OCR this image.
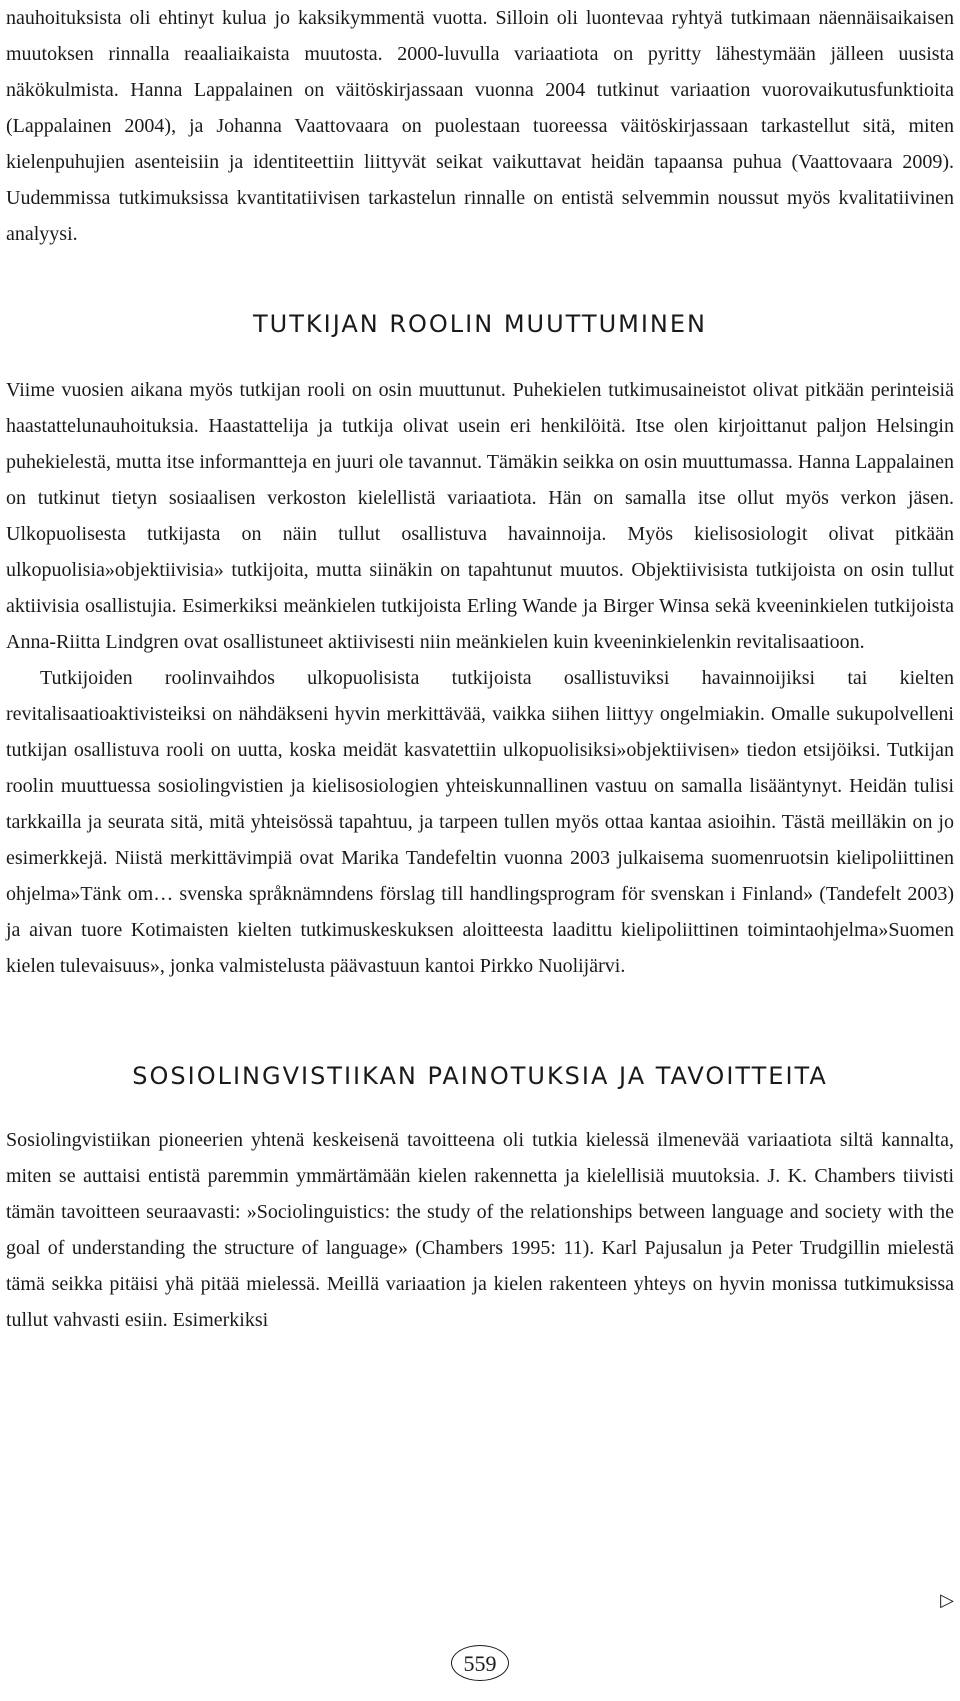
nauhoituksista oli ehtinyt kulua jo kaksikymmentä vuotta. Silloin oli luontevaa ryhtyä tutkimaan näennäisaikaisen muutoksen rinnalla reaaliaikaista muutosta. 2000-luvulla variaatiota on pyritty lähestymään jälleen uusista näkökulmista. Hanna Lappalainen on väitöskirjassaan vuonna 2004 tutkinut variaation vuorovaikutusfunktioita (Lappalainen 2004), ja Johanna Vaattovaara on puolestaan tuoreessa väitöskirjassaan tarkastellut sitä, miten kielenpuhujien asenteisiin ja identiteettiin liittyvät seikat vaikuttavat heidän tapaansa puhua (Vaattovaara 2009). Uudemmissa tutkimuksissa kvantitatiivisen tarkastelun rinnalle on entistä selvemmin noussut myös kvalitatiivinen analyysi.

TUTKIJAN ROOLIN MUUTTUMINEN

Viime vuosien aikana myös tutkijan rooli on osin muuttunut. Puhekielen tutkimusaineistot olivat pitkään perinteisiä haastattelunauhoituksia. Haastattelija ja tutkija olivat usein eri henkilöitä. Itse olen kirjoittanut paljon Helsingin puhekielestä, mutta itse informantteja en juuri ole tavannut. Tämäkin seikka on osin muuttumassa. Hanna Lappalainen on tutkinut tietyn sosiaalisen verkoston kielellistä variaatiota. Hän on samalla itse ollut myös verkon jäsen. Ulkopuolisesta tutkijasta on näin tullut osallistuva havainnoija. Myös kielisosiologit olivat pitkään ulkopuolisia»objektiivisia» tutkijoita, mutta siinäkin on tapahtunut muutos. Objektiivisista tutkijoista on osin tullut aktiivisia osallistujia. Esimerkiksi meänkielen tutkijoista Erling Wande ja Birger Winsa sekä kveeninkielen tutkijoista Anna-Riitta Lindgren ovat osallistuneet aktiivisesti niin meänkielen kuin kveeninkielenkin revitalisaatioon.

Tutkijoiden roolinvaihdos ulkopuolisista tutkijoista osallistuviksi havainnoijiksi tai kielten revitalisaatioaktivisteiksi on nähdäkseni hyvin merkittävää, vaikka siihen liittyy ongelmiakin. Omalle sukupolvelleni tutkijan osallistuva rooli on uutta, koska meidät kasvatettiin ulkopuolisiksi»objektiivisen» tiedon etsijöiksi. Tutkijan roolin muuttuessa sosiolingvistien ja kielisosiologien yhteiskunnallinen vastuu on samalla lisääntynyt. Heidän tulisi tarkkailla ja seurata sitä, mitä yhteisössä tapahtuu, ja tarpeen tullen myös ottaa kantaa asioihin. Tästä meilläkin on jo esimerkkejä. Niistä merkittävimpiä ovat Marika Tandefeltin vuonna 2003 julkaisema suomenruotsin kielipoliittinen ohjelma»Tänk om… svenska språknämndens förslag till handlingsprogram för svenskan i Finland» (Tandefelt 2003) ja aivan tuore Kotimaisten kielten tutkimuskeskuksen aloitteesta laadittu kielipoliittinen toimintaohjelma»Suomen kielen tulevaisuus», jonka valmistelusta päävastuun kantoi Pirkko Nuolijärvi.

SOSIOLINGVISTIIKAN PAINOTUKSIA JA TAVOITTEITA

Sosiolingvistiikan pioneerien yhtenä keskeisenä tavoitteena oli tutkia kielessä ilmenevää variaatiota siltä kannalta, miten se auttaisi entistä paremmin ymmärtämään kielen rakennetta ja kielellisiä muutoksia. J. K. Chambers tiivisti tämän tavoitteen seuraavasti: »Sociolinguistics: the study of the relationships between language and society with the goal of understanding the structure of language» (Chambers 1995: 11). Karl Pajusalun ja Peter Trudgillin mielestä tämä seikka pitäisi yhä pitää mielessä. Meillä variaation ja kielen rakenteen yhteys on hyvin monissa tutkimuksissa tullut vahvasti esiin. Esimerkiksi

▷
559
